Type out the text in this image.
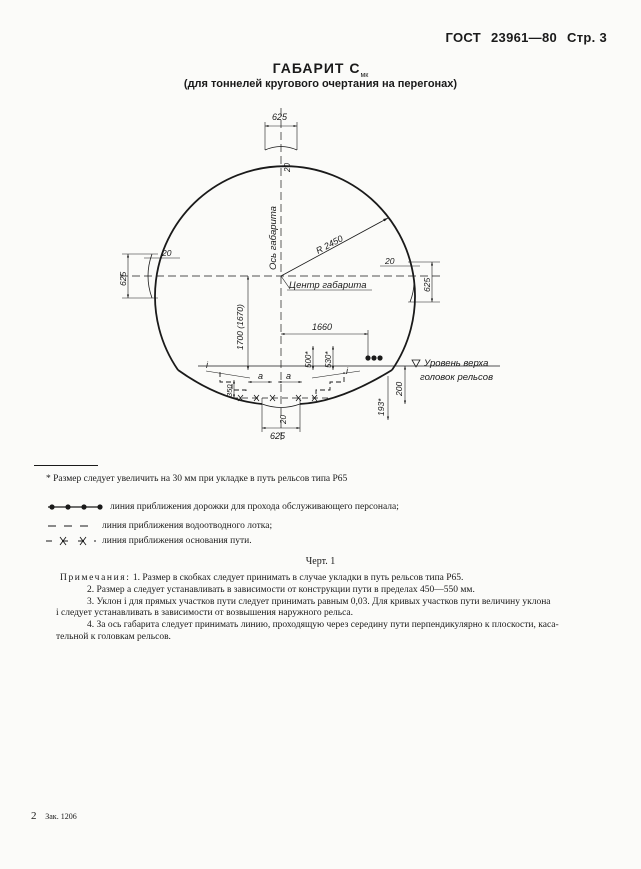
ГОСТ 23961—80 Стр. 3
ГАБАРИТ $С_{мк}$
(для тоннелей кругового очертания на перегонах)
R 2450
625
20
Ось габарита
Центр габарита
625
20
625
20
1700 (1670)	1660
500* 530*	Уровень верха
головок рельсов
200
193*
i
i
a	a
350
625
20
* Размер следует увеличить на 30 мм при укладке в путь рельсов типа Р65
линия приближения дорожки для прохода обслуживающего персонала;
линия приближения водоотводного лотка;
линия приближения основания пути.
Черт. 1

Примечания: 1. Размер в скобках следует принимать в случае укладки в путь рельсов типа Р65.

2. Размер a следует устанавливать в зависимости от конструкции пути в пределах 450—550 мм.

3. Уклон i для прямых участков пути следует принимать равным 0,03. Для кривых участков пути величину уклона

i следует устанавливать в зависимости от возвышения наружного рельса.

4. За ось габарита следует принимать линию, проходящую через середину пути перпендикулярно к плоскости, каса-

тельной к головкам рельсов.

2 Зак. 1206
